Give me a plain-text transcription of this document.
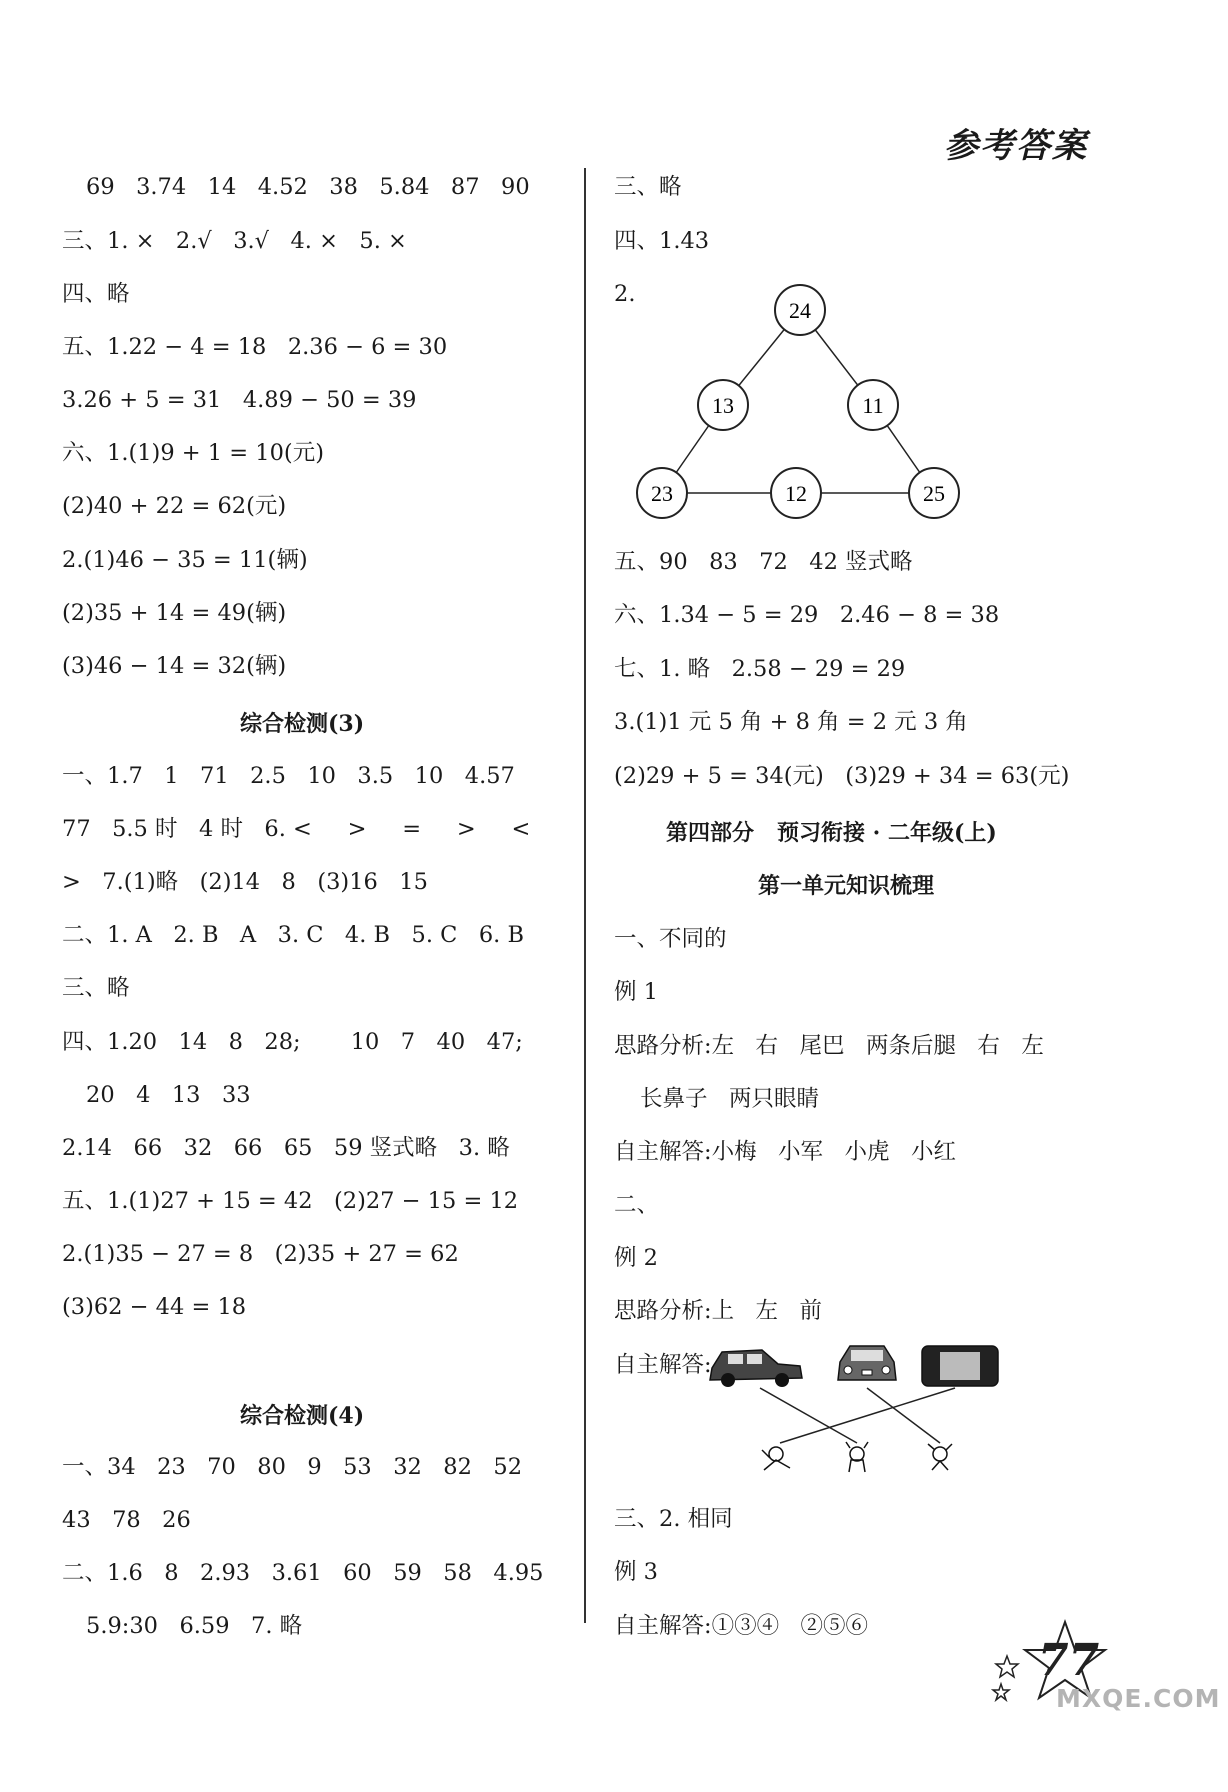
参考答案
69   3.74   14   4.52   38   5.84   87   90
三、1. ×   2.√   3.√   4. ×   5. ×
四、略
五、1.22 − 4 = 18   2.36 − 6 = 30
3.26 + 5 = 31   4.89 − 50 = 39
六、1.(1)9 + 1 = 10(元)
(2)40 + 22 = 62(元)
2.(1)46 − 35 = 11(辆)
(2)35 + 14 = 49(辆)
(3)46 − 14 = 32(辆)
综合检测(3)
一、1.7   1   71   2.5   10   3.5   10   4.57
77   5.5 时   4 时   6. <     >     =     >     <
>   7.(1)略   (2)14   8   (3)16   15
二、1. A   2. B   A   3. C   4. B   5. C   6. B
三、略
四、1.20   14   8   28;       10   7   40   47;
20   4   13   33
2.14   66   32   66   65   59 竖式略   3. 略
五、1.(1)27 + 15 = 42   (2)27 − 15 = 12
2.(1)35 − 27 = 8   (2)35 + 27 = 62
(3)62 − 44 = 18
综合检测(4)
一、34   23   70   80   9   53   32   82   52
43   78   26
二、1.6   8   2.93   3.61   60   59   58   4.95
5.9:30   6.59   7. 略
三、略
四、1.43
2.
24
13	11
23	12	25
五、90   83   72   42 竖式略
六、1.34 − 5 = 29   2.46 − 8 = 38
七、1. 略   2.58 − 29 = 29
3.(1)1 元 5 角 + 8 角 = 2 元 3 角
(2)29 + 5 = 34(元)   (3)29 + 34 = 63(元)
第四部分   预习衔接 · 二年级(上)
第一单元知识梳理
一、不同的
例 1
思路分析:左   右   尾巴   两条后腿   右   左
长鼻子   两只眼睛
自主解答:小梅   小军   小虎   小红
二、
例 2
思路分析:上   左   前
自主解答:
三、2. 相同
例 3
自主解答:①③④   ②⑤⑥
77
MXQE.COM
